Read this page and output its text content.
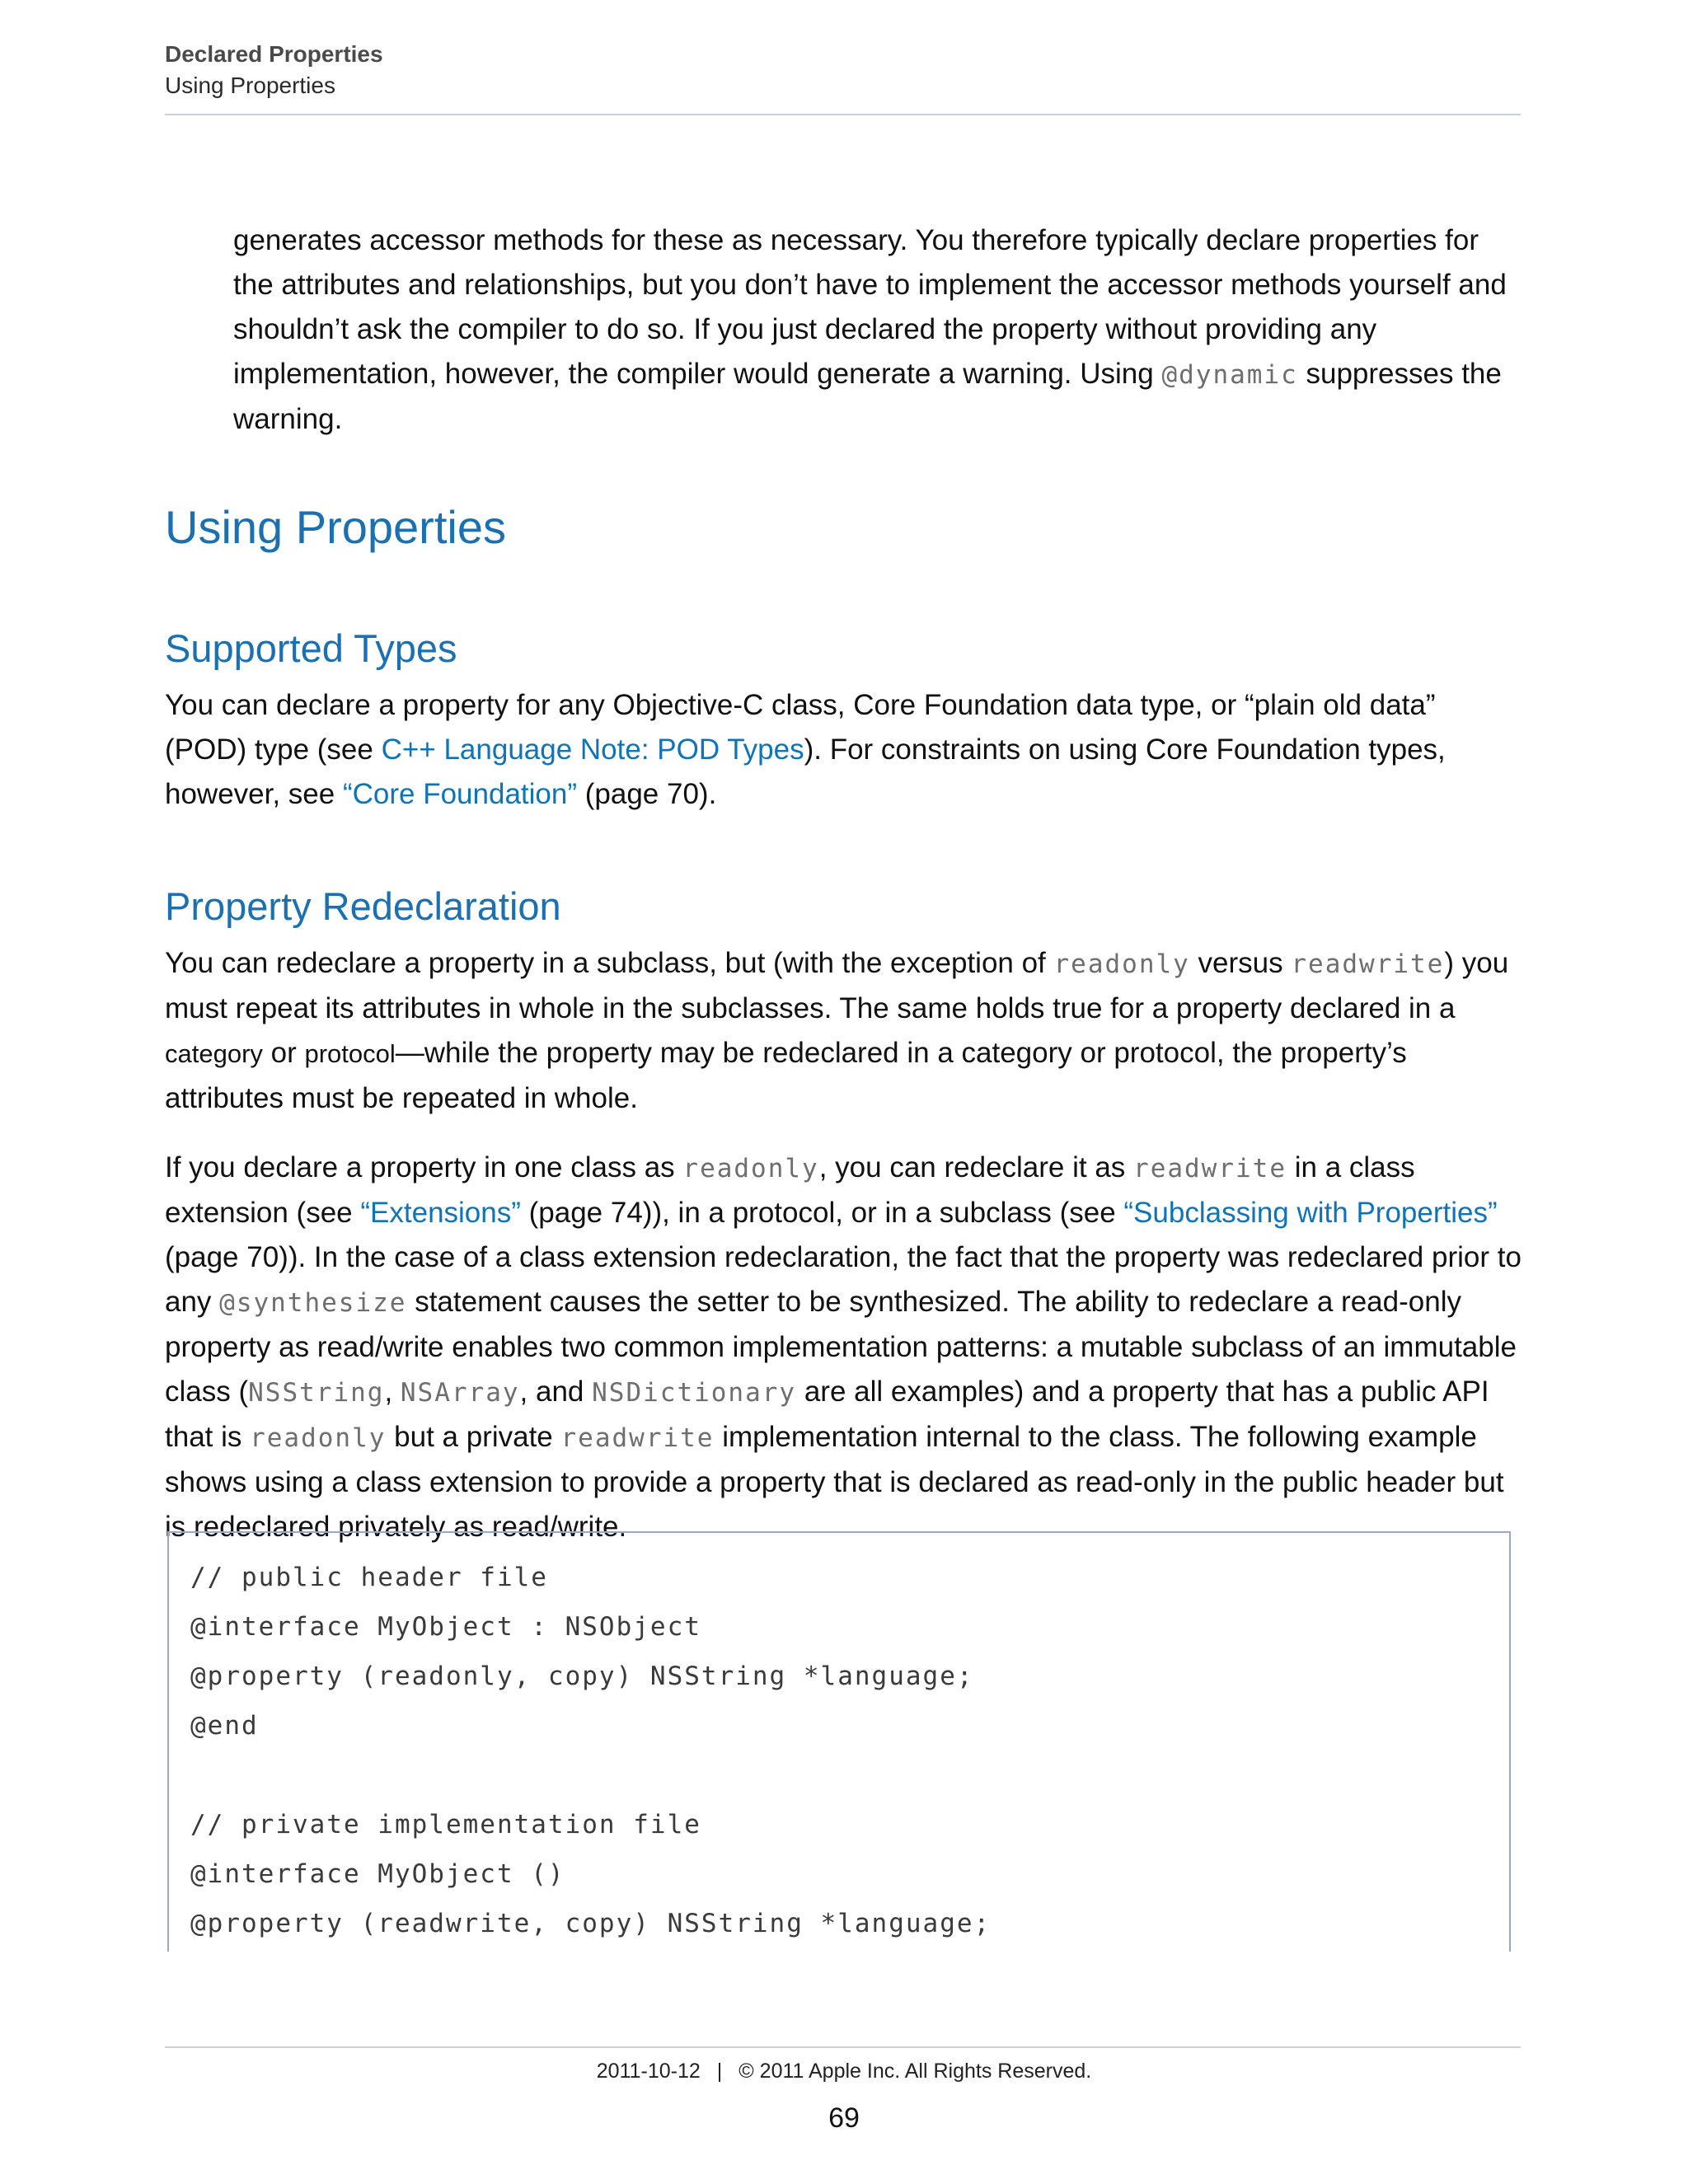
Declared Properties
Using Properties

generates accessor methods for these as necessary. You therefore typically declare properties for the attributes and relationships, but you don’t have to implement the accessor methods yourself and shouldn’t ask the compiler to do so. If you just declared the property without providing any implementation, however, the compiler would generate a warning. Using @dynamic suppresses the warning.

Using Properties
Supported Types

You can declare a property for any Objective-C class, Core Foundation data type, or “plain old data” (POD) type (see C++ Language Note: POD Types). For constraints on using Core Foundation types, however, see “Core Foundation” (page 70).

Property Redeclaration

You can redeclare a property in a subclass, but (with the exception of readonly versus readwrite) you must repeat its attributes in whole in the subclasses. The same holds true for a property declared in a category or protocol—while the property may be redeclared in a category or protocol, the property’s attributes must be repeated in whole.

If you declare a property in one class as readonly, you can redeclare it as readwrite in a class extension (see “Extensions” (page 74)), in a protocol, or in a subclass (see “Subclassing with Properties” (page 70)). In the case of a class extension redeclaration, the fact that the property was redeclared prior to any @synthesize statement causes the setter to be synthesized. The ability to redeclare a read-only property as read/write enables two common implementation patterns: a mutable subclass of an immutable class (NSString, NSArray, and NSDictionary are all examples) and a property that has a public API that is readonly but a private readwrite implementation internal to the class. The following example shows using a class extension to provide a property that is declared as read-only in the public header but is redeclared privately as read/write.

// public header file
@interface MyObject : NSObject
@property (readonly, copy) NSString *language;
@end
// private implementation file
@interface MyObject ()
@property (readwrite, copy) NSString *language;
2011-10-12 | © 2011 Apple Inc. All Rights Reserved.
69
